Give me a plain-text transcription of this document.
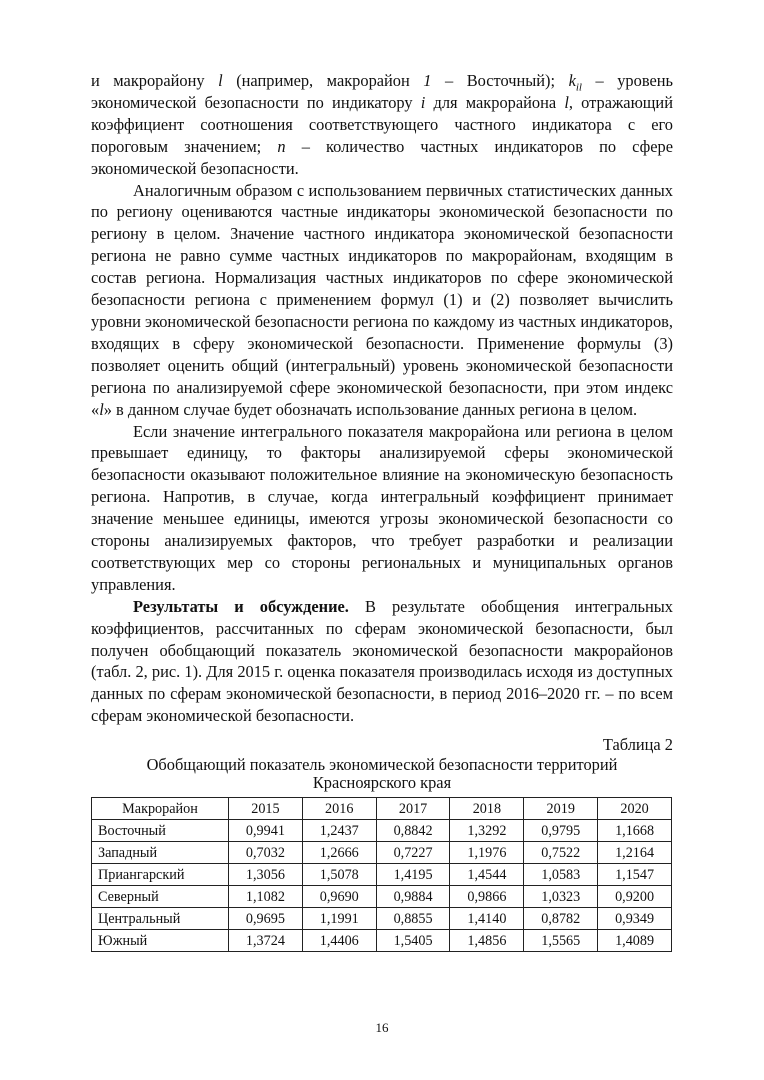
и макрорайону l (например, макрорайон 1 – Восточный); $k_{il}$ – уровень экономической безопасности по индикатору i для макрорайона l, отражающий коэффициент соотношения соответствующего частного индикатора с его пороговым значением; n – количество частных индикаторов по сфере экономической безопасности.

Аналогичным образом с использованием первичных статистических данных по региону оцениваются частные индикаторы экономической безопасности по региону в целом. Значение частного индикатора экономической безопасности региона не равно сумме частных индикаторов по макрорайонам, входящим в состав региона. Нормализация частных индикаторов по сфере экономической безопасности региона с применением формул (1) и (2) позволяет вычислить уровни экономической безопасности региона по каждому из частных индикаторов, входящих в сферу экономической безопасности. Применение формулы (3) позволяет оценить общий (интегральный) уровень экономической безопасности региона по анализируемой сфере экономической безопасности, при этом индекс «l» в данном случае будет обозначать использование данных региона в целом.

Если значение интегрального показателя макрорайона или региона в целом превышает единицу, то факторы анализируемой сферы экономической безопасности оказывают положительное влияние на экономическую безопасность региона. Напротив, в случае, когда интегральный коэффициент принимает значение меньшее единицы, имеются угрозы экономической безопасности со стороны анализируемых факторов, что требует разработки и реализации соответствующих мер со стороны региональных и муниципальных органов управления.

Результаты и обсуждение. В результате обобщения интегральных коэффициентов, рассчитанных по сферам экономической безопасности, был получен обобщающий показатель экономической безопасности макрорайонов (табл. 2, рис. 1). Для 2015 г. оценка показателя производилась исходя из доступных данных по сферам экономической безопасности, в период 2016–2020 гг. – по всем сферам экономической безопасности.

Таблица 2
Обобщающий показатель экономической безопасности территорий
Красноярского края
Макрорайон	2015	2016	2017	2018	2019	2020
Восточный	0,9941	1,2437	0,8842	1,3292	0,9795	1,1668
Западный	0,7032	1,2666	0,7227	1,1976	0,7522	1,2164
Приангарский	1,3056	1,5078	1,4195	1,4544	1,0583	1,1547
Северный	1,1082	0,9690	0,9884	0,9866	1,0323	0,9200
Центральный	0,9695	1,1991	0,8855	1,4140	0,8782	0,9349
Южный	1,3724	1,4406	1,5405	1,4856	1,5565	1,4089
16
